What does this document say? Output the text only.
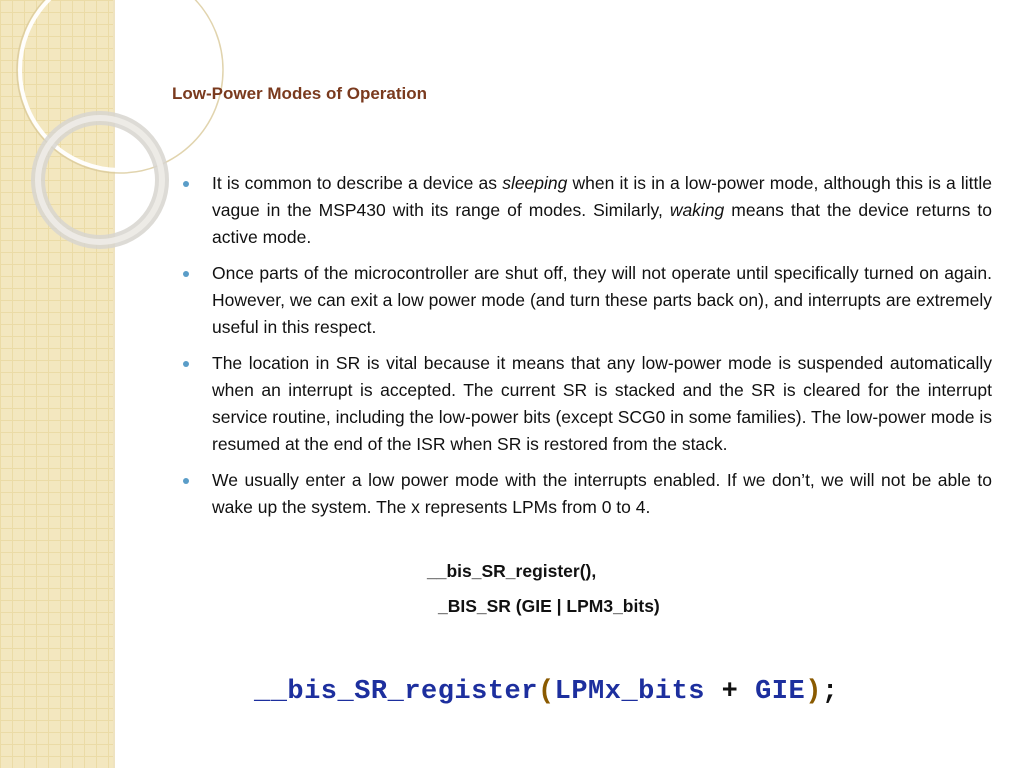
Low-Power Modes of Operation
It is common to describe a device as sleeping when it is in a low-power mode, although this is a little vague in the MSP430 with its range of modes. Similarly, waking means that the device returns to active mode.
Once parts of the microcontroller are shut off, they will not operate until specifically turned on again. However, we can exit a low power mode (and turn these parts back on), and interrupts are extremely useful in this respect.
The location in SR is vital because it means that any low-power mode is suspended automatically when an interrupt is accepted. The current SR is stacked and the SR is cleared for the interrupt service routine, including the low-power bits (except SCG0 in some families). The low-power mode is resumed at the end of the ISR when SR is restored from the stack.
We usually enter a low power mode with the interrupts enabled. If we don’t, we will not be able to wake up the system. The x represents LPMs from 0 to 4.
__bis_SR_register(),
_BIS_SR (GIE | LPM3_bits)
__bis_SR_register(LPMx_bits + GIE);
